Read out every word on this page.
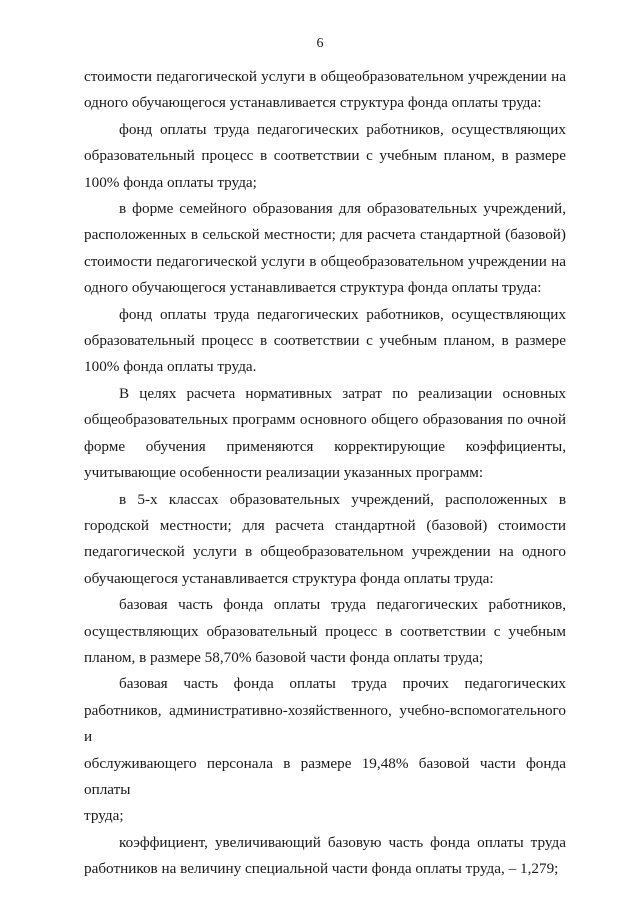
6
стоимости педагогической услуги в общеобразовательном учреждении на
одного обучающегося устанавливается структура фонда оплаты труда:
фонд оплаты труда педагогических работников, осуществляющих
образовательный процесс в соответствии с учебным планом, в размере
100% фонда оплаты труда;
в форме семейного образования для образовательных учреждений,
расположенных в сельской местности; для расчета стандартной (базовой)
стоимости педагогической услуги в общеобразовательном учреждении на
одного обучающегося устанавливается структура фонда оплаты труда:
фонд оплаты труда педагогических работников, осуществляющих
образовательный процесс в соответствии с учебным планом, в размере
100% фонда оплаты труда.
В целях расчета нормативных затрат по реализации основных
общеобразовательных программ основного общего образования по очной
форме обучения применяются корректирующие коэффициенты,
учитывающие особенности реализации указанных программ:
в 5-х классах образовательных учреждений, расположенных в
городской местности; для расчета стандартной (базовой) стоимости
педагогической услуги в общеобразовательном учреждении на одного
обучающегося устанавливается структура фонда оплаты труда:
базовая часть фонда оплаты труда педагогических работников,
осуществляющих образовательный процесс в соответствии с учебным
планом, в размере 58,70% базовой части фонда оплаты труда;
базовая часть фонда оплаты труда прочих педагогических
работников, административно-хозяйственного, учебно-вспомогательного и
обслуживающего персонала в размере 19,48% базовой части фонда оплаты
труда;
коэффициент, увеличивающий базовую часть фонда оплаты труда
работников на величину специальной части фонда оплаты труда, – 1,279;
